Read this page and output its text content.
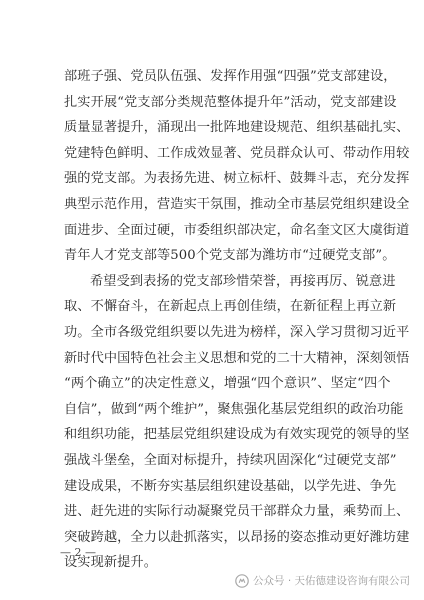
部班子强、党员队伍强、发挥作用强“四强”党支部建设，
扎实开展“党支部分类规范整体提升年”活动，党支部建设
质量显著提升，涌现出一批阵地建设规范、组织基础扎实、
党建特色鲜明、工作成效显著、党员群众认可、带动作用较
强的党支部。为表扬先进、树立标杆、鼓舞斗志，充分发挥
典型示范作用，营造实干氛围，推动全市基层党组织建设全
面进步、全面过硬，市委组织部决定，命名奎文区大虞街道
青年人才党支部等500个党支部为潍坊市“过硬党支部”。
希望受到表扬的党支部珍惜荣誉，再接再厉、锐意进
取、不懈奋斗，在新起点上再创佳绩，在新征程上再立新
功。全市各级党组织要以先进为榜样，深入学习贯彻习近平
新时代中国特色社会主义思想和党的二十大精神，深刻领悟
“两个确立”的决定性意义，增强“四个意识”、坚定“四个
自信”，做到“两个维护”，聚焦强化基层党组织的政治功能
和组织功能，把基层党组织建设成为有效实现党的领导的坚
强战斗堡垒，全面对标提升，持续巩固深化“过硬党支部”
建设成果，不断夯实基层组织建设基础，以学先进、争先
进、赶先进的实际行动凝聚党员干部群众力量，乘势而上、
突破跨越，全力以赴抓落实，以昂扬的姿态推动更好潍坊建
设实现新提升。
— 2 —
公众号 · 天佑德建设咨询有限公司
